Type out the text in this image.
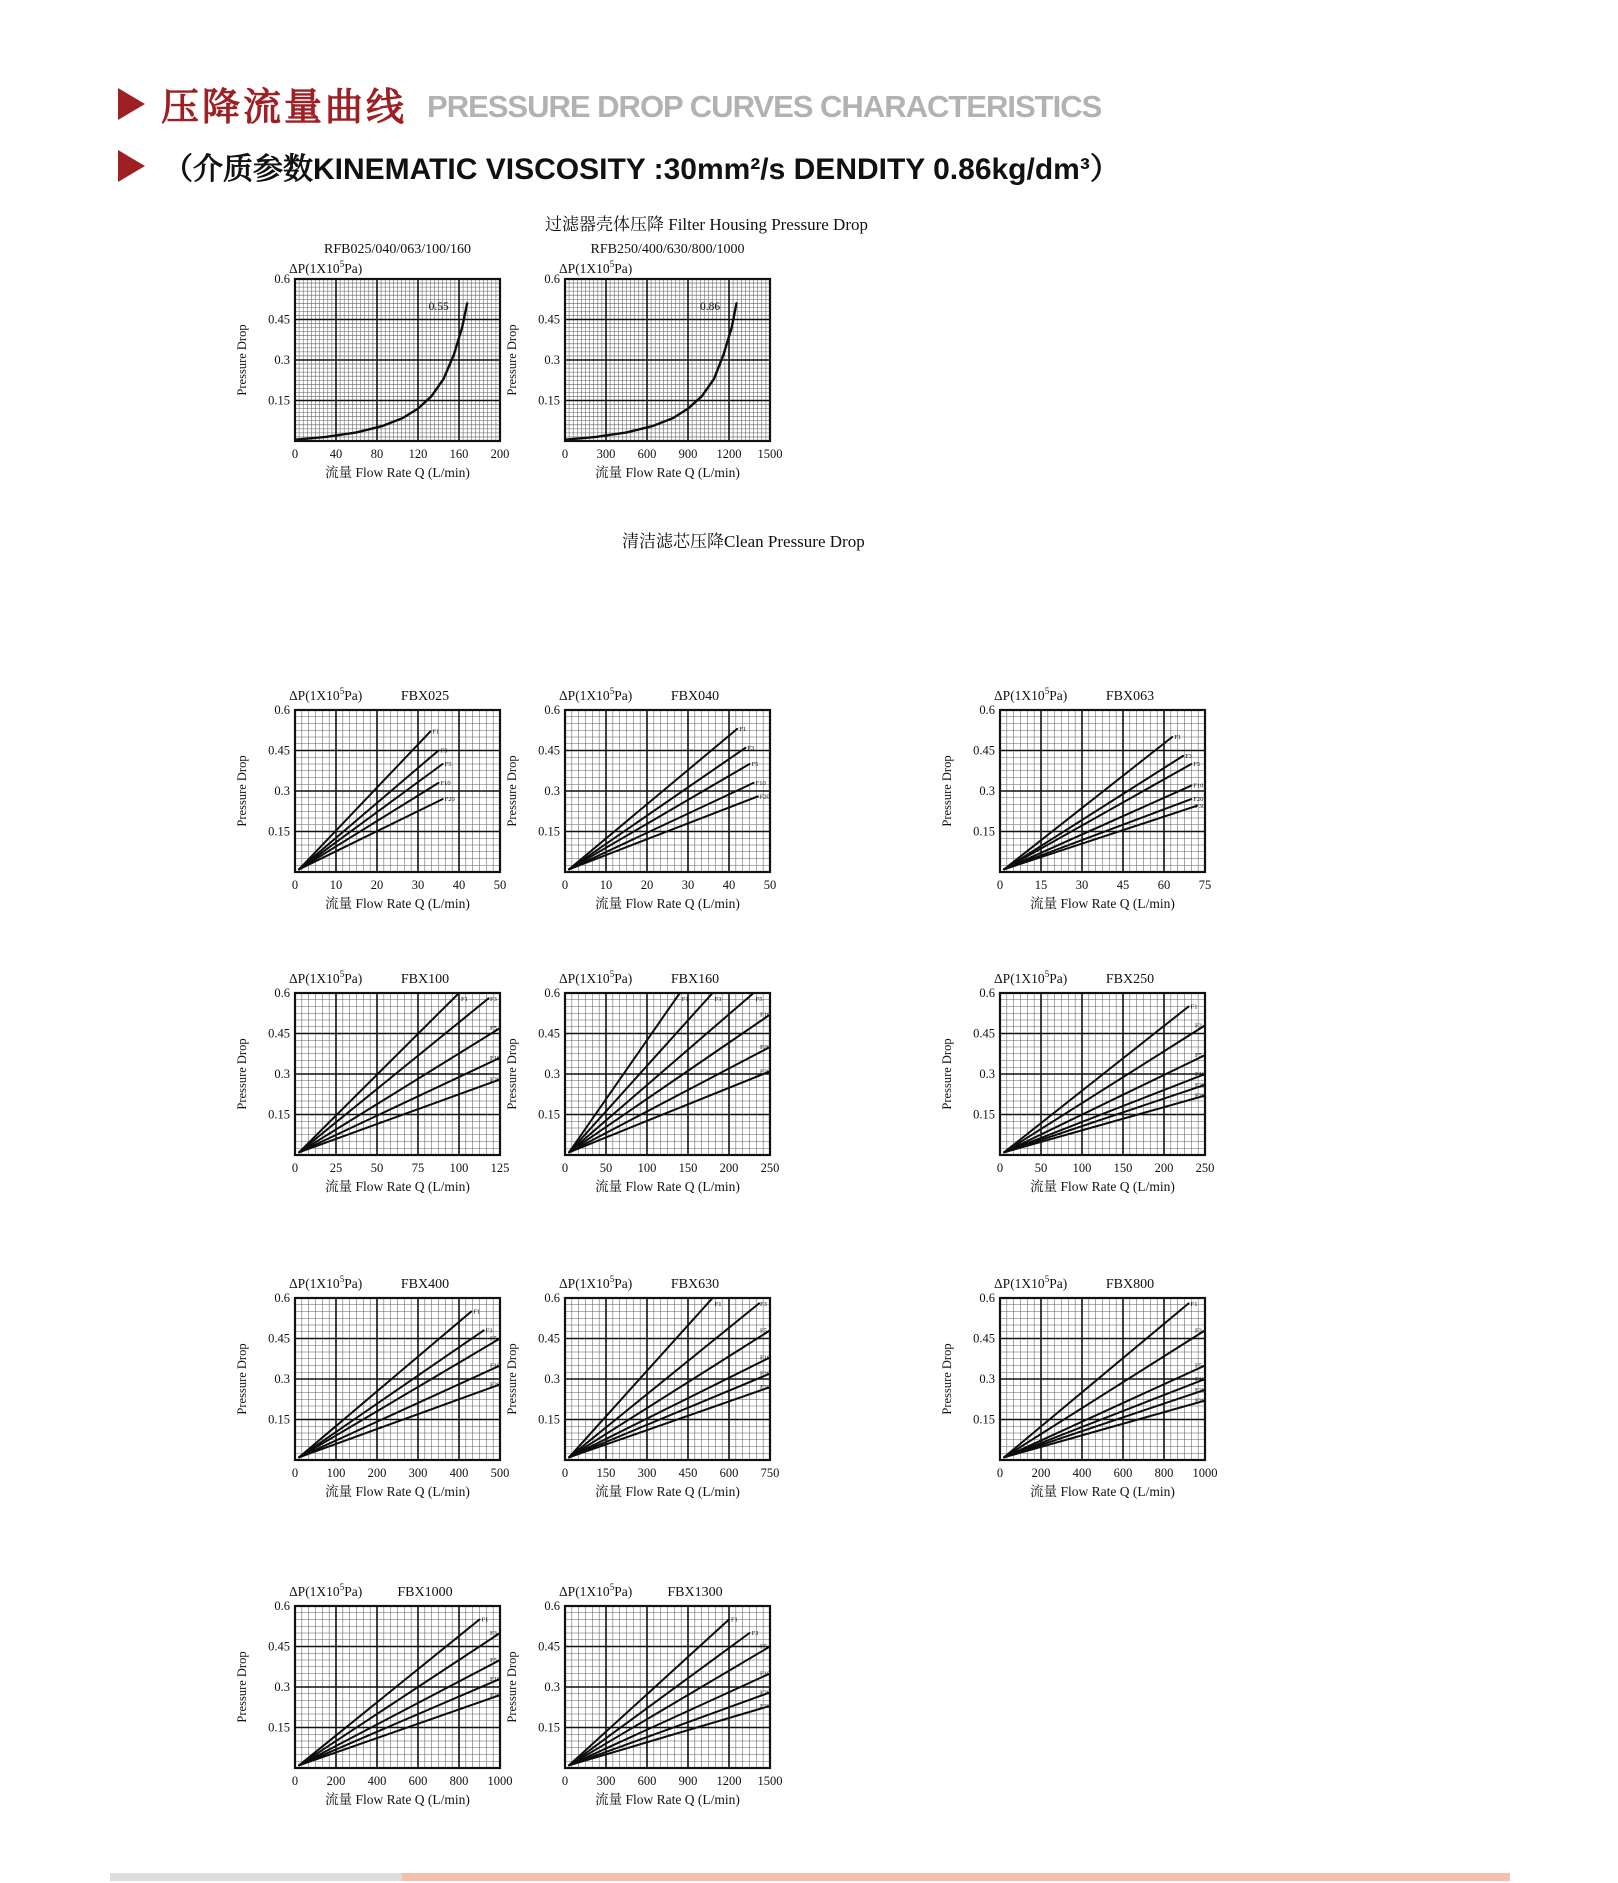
压降流量曲线 PRESSURE DROP CURVES CHARACTERISTICS
（介质参数KINEMATIC VISCOSITY :30mm²/s DENDITY 0.86kg/dm³）
过滤器壳体压降 Filter Housing Pressure Drop
清洁滤芯压降Clean Pressure Drop
$\Delta P(1X10^5Pa)$
RFB025/040/063/100/160
Pressure Drop
0.6
0.45
0.3
0.15
0	40 80 120 160 200
流量 Flow Rate Q (L/min)
0.55
$\Delta P(1X10^5Pa)$
RFB250/400/630/800/1000
Pressure Drop
0.6
0.45
0.3
0.15
0 300 600 900 1200 1500
流量 Flow Rate Q (L/min)
0.86
$\Delta P(1X10^5Pa)$	FBX025
Pressure Drop
0.6
0.45
0.3
0.15
0	10 20 30 40 50
流量 Flow Rate Q (L/min)
F1
F3
F5
F10
F20
$\Delta P(1X10^5Pa)$	FBX040
Pressure Drop
0.6
0.45
0.3
0.15
0	10 20 30 40 50
流量 Flow Rate Q (L/min)
F1
F3
F5
F10
F20
$\Delta P(1X10^5Pa)$	FBX063
Pressure Drop
0.6
0.45
0.3
0.15
0	15 30 45 60 75
流量 Flow Rate Q (L/min)
F1
F3
F5
F10
F20
F30
$\Delta P(1X10^5Pa)$	FBX100
Pressure Drop
0.6
0.45
0.3
0.15
0	25 50 75 100 125
流量 Flow Rate Q (L/min)
F1	F3
F5
F10
F20
$\Delta P(1X10^5Pa)$	FBX160
Pressure Drop
0.6
0.45
0.3
0.15
0	50 100 150 200 250
流量 Flow Rate Q (L/min)
F1	F3	F5
F10
F20
F30
$\Delta P(1X10^5Pa)$	FBX250
Pressure Drop
0.6
0.45
0.3
0.15
0	50 100 150 200 250
流量 Flow Rate Q (L/min)
F1
F3
F5
F10
F20
F30
$\Delta P(1X10^5Pa)$	FBX400
Pressure Drop
0.6
0.45
0.3
0.15
0 100 200 300 400 500
流量 Flow Rate Q (L/min)
F1
F3
F5
F10
F20
$\Delta P(1X10^5Pa)$	FBX630
Pressure Drop
0.6
0.45
0.3
0.15
0 150 300 450 600 750
流量 Flow Rate Q (L/min)
F1	F3
F5
F10
F20
F30
$\Delta P(1X10^5Pa)$	FBX800
Pressure Drop
0.6
0.45
0.3
0.15
0 200 400 600 800 1000
流量 Flow Rate Q (L/min)
F1
F3
F5
F10
F20
F30
$\Delta P(1X10^5Pa)$	FBX1000
Pressure Drop
0.6
0.45
0.3
0.15
0 200 400 600 800 1000
流量 Flow Rate Q (L/min)
F1
F3
F5
F10
F20
$\Delta P(1X10^5Pa)$	FBX1300
Pressure Drop
0.6
0.45
0.3
0.15
0 300 600 900 1200 1500
流量 Flow Rate Q (L/min)
F1
F3
F5
F10
F20
F30
